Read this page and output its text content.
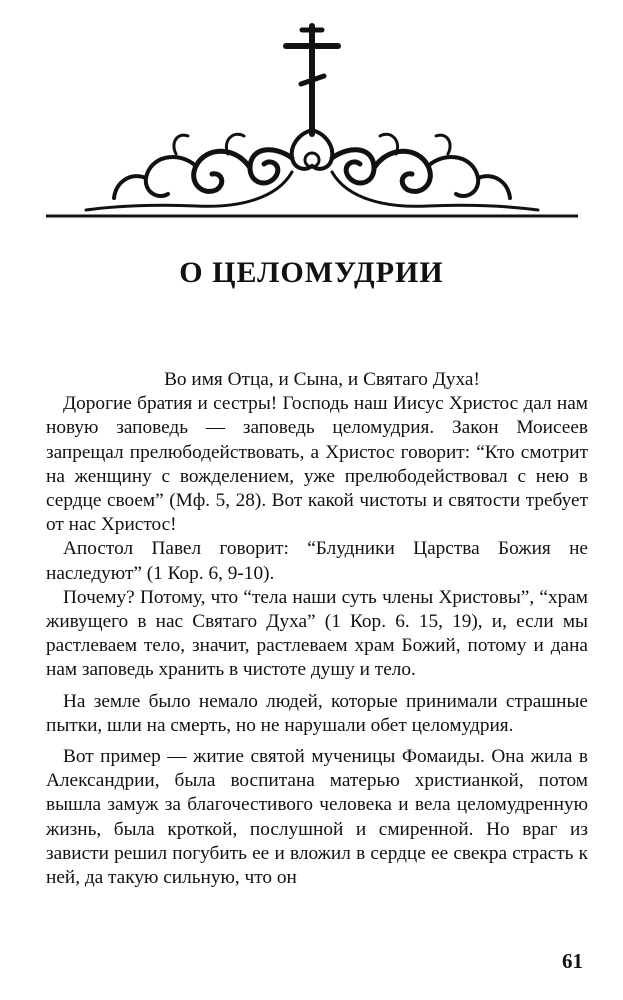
О ЦЕЛОМУДРИИ

Во имя Отца, и Сына, и Святаго Духа!

Дорогие братия и сестры! Господь наш Иисус Христос дал нам новую заповедь — заповедь целомудрия. Закон Моисеев запрещал прелюбодействовать, а Христос говорит: “Кто смотрит на женщину с вожделением, уже прелюбодействовал с нею в сердце своем” (Мф. 5, 28). Вот какой чистоты и святости требует от нас Христос!

Апостол Павел говорит: “Блудники Царства Божия не наследуют” (1 Кор. 6, 9-10).

Почему? Потому, что “тела наши суть члены Христовы”, “храм живущего в нас Святаго Духа” (1 Кор. 6. 15, 19), и, если мы растлеваем тело, значит, растлеваем храм Божий, потому и дана нам заповедь хранить в чистоте душу и тело.

На земле было немало людей, которые принимали страшные пытки, шли на смерть, но не нарушали обет целомудрия.

Вот пример — житие святой мученицы Фомаиды. Она жила в Александрии, была воспитана матерью христианкой, потом вышла замуж за благочестивого человека и вела целомудренную жизнь, была кроткой, послушной и смиренной. Но враг из зависти решил погубить ее и вложил в сердце ее свекра страсть к ней, да такую сильную, что он

61
